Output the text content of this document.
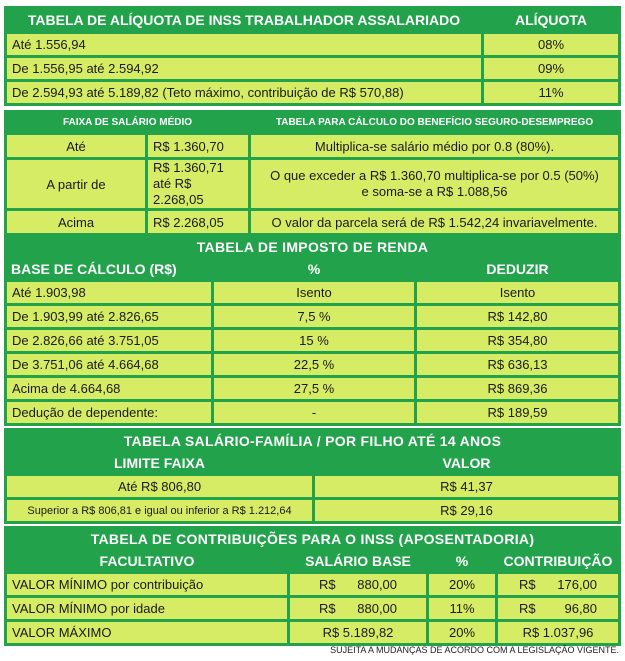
TABELA DE ALÍQUOTA DE INSS TRABALHADOR ASSALARIADO	ALÍQUOTA
Até 1.556,94	08%
De 1.556,95 até 2.594,92	09%
De 2.594,93 até 5.189,82 (Teto máximo, contribuição de R$ 570,88)	11%
FAIXA DE SALÁRIO MÉDIO		TABELA PARA CÁLCULO DO BENEFÍCIO SEGURO-DESEMPREGO
Até	R$ 1.360,70	Multiplica-se salário médio por 0.8 (80%).
A partir de	R$ 1.360,71 até R$ 2.268,05	O que exceder a R$ 1.360,70 multiplica-se por 0.5 (50%) e soma-se a R$ 1.088,56
Acima	R$ 2.268,05	O valor da parcela será de R$ 1.542,24 invariavelmente.
TABELA DE IMPOSTO DE RENDA		
BASE DE CÁLCULO (R$)	%	DEDUZIR
Até 1.903,98	Isento	Isento
De 1.903,99 até 2.826,65	7,5 %	R$ 142,80
De 2.826,66 até 3.751,05	15 %	R$ 354,80
De 3.751,06 até 4.664,68	22,5 %	R$ 636,13
Acima de 4.664,68	27,5 %	R$ 869,36
Dedução de dependente:	-	R$ 189,59
TABELA SALÁRIO-FAMÍLIA / POR FILHO ATÉ 14 ANOS	
LIMITE FAIXA	VALOR
Até R$ 806,80	R$ 41,37
Superior a R$ 806,81 e igual ou inferior a R$ 1.212,64	R$ 29,16
TABELA DE CONTRIBUIÇÕES PARA O INSS (APOSENTADORIA)			
FACULTATIVO	SALÁRIO BASE	%	CONTRIBUIÇÃO
VALOR MÍNIMO por contribuição	R$      880,00	20%	R$      176,00
VALOR MÍNIMO por idade	R$      880,00	11%	R$        96,80
VALOR MÁXIMO	R$ 5.189,82	20%	R$ 1.037,96
SUJEITA A MUDANÇAS DE ACORDO COM A LEGISLAÇÃO VIGENTE.
